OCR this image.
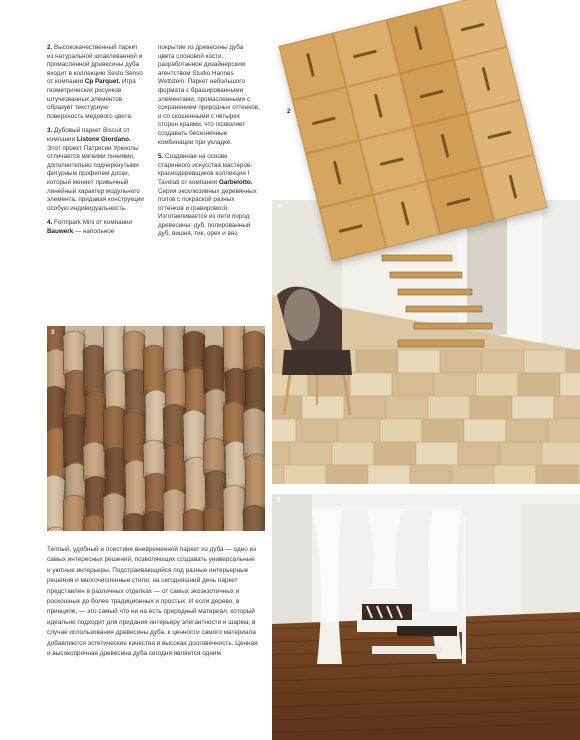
2. Высококачественный паркет из натуральной шпаклеванной и промасленной древесины дуба входит в коллекцию Sesto Senso от компании Cp Parquet. Игра геометрических рисунков штучкованных элементов образует текстурную поверхность медового цвета.

3. Дубовый паркет Biscuit от компании Listone Giordano. Этот проект Патрисии Уркиолы отличается мягкими линиями, дополнительно подчеркнутыми фигурным профилем доски, который меняет привычный линейный характер модульного элемента, придавая конструкции особую индивидуальность.

4. Formpark Mini от компании Bauwerk — напольное

покрытие из древесины дуба цвета слоновой кости, разработанное дизайнерским агентством Studio Hannes Wettstein. Паркет небольшого формата с брашированными элементами, промасленными с сохранением природных оттенков, и со скошенными с четырех сторон краями, что позволяет создавать бесконечные комбинации при укладке.

5. Созданная на основе старинного искусства мастеров-краснодеревщиков коллекция I Tavolati от компании Garbelotto. Серия эксклюзивных деревянных полов с покраской разных оттенков и гравировкой. Изготавливается из пяти пород древесины: дуб, полированный дуб, вишня, тик, орех и вяз.

3
4
5
2

Теплый, удобный и поистине вневременной паркет из дуба — одно из самых интересных решений, позволяющих создавать универсальные и уютные интерьеры. Подстраивающийся под разные интерьерные решения и многочисленные стили, на сегодняшний день паркет представлен в различных отделках — от самых экоэкзотичных и роскошных до более традиционных и простых. И если дерево, в принципе, — это самый что ни на есть природный материал, который идеально подходит для придания интерьеру элегантности и шарма, в случае использования древесины дуба, к ценности самого материала добавляются эстетические качества и высокая долговечность. Ценная и высокопрочная древесина дуба сегодня является одним
